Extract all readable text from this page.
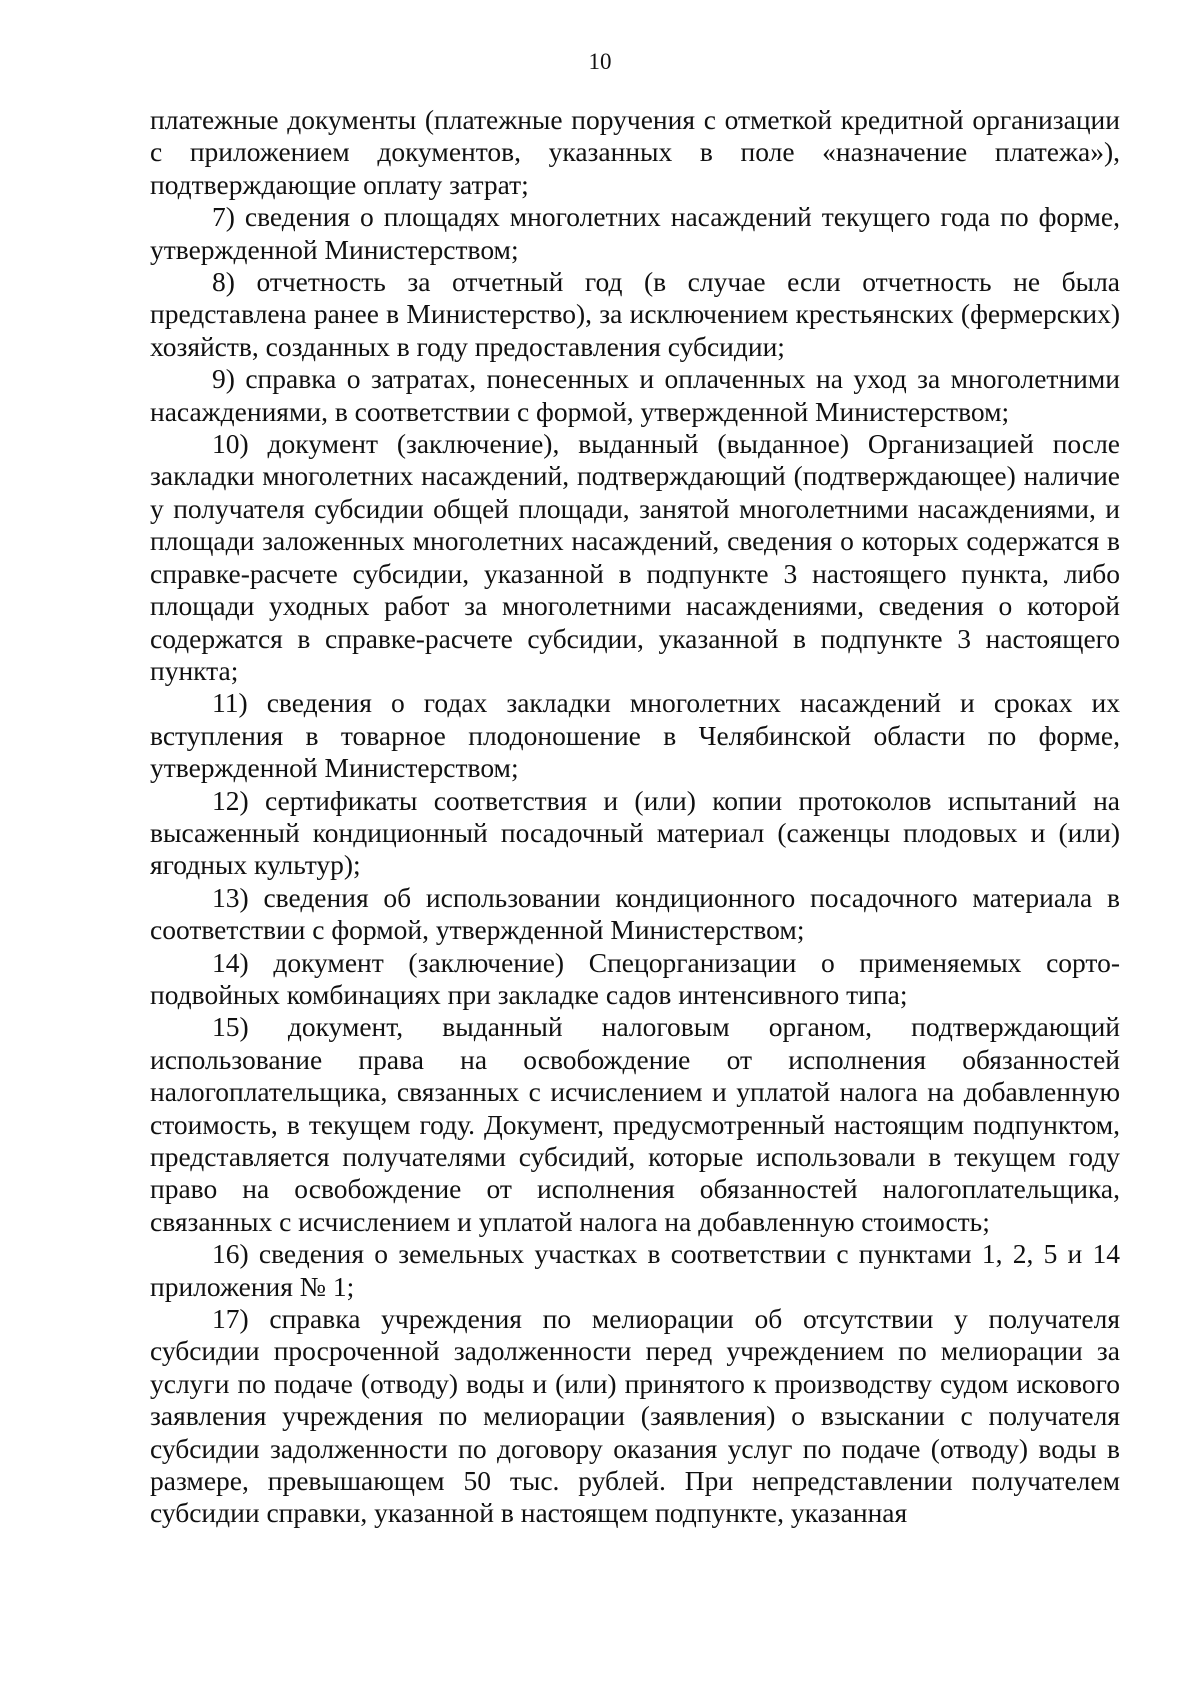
10

платежные документы (платежные поручения с отметкой кредитной организации с приложением документов, указанных в поле «назначение платежа»), подтверждающие оплату затрат;

7) сведения о площадях многолетних насаждений текущего года по форме, утвержденной Министерством;

8) отчетность за отчетный год (в случае если отчетность не была представлена ранее в Министерство), за исключением крестьянских (фермерских) хозяйств, созданных в году предоставления субсидии;

9) справка о затратах, понесенных и оплаченных на уход за многолетними насаждениями, в соответствии с формой, утвержденной Министерством;

10) документ (заключение), выданный (выданное) Организацией после закладки многолетних насаждений, подтверждающий (подтверждающее) наличие у получателя субсидии общей площади, занятой многолетними насаждениями, и площади заложенных многолетних насаждений, сведения о которых содержатся в справке-расчете субсидии, указанной в подпункте 3 настоящего пункта, либо площади уходных работ за многолетними насаждениями, сведения о которой содержатся в справке-расчете субсидии, указанной в подпункте 3 настоящего пункта;

11) сведения о годах закладки многолетних насаждений и сроках их вступления в товарное плодоношение в Челябинской области по форме, утвержденной Министерством;

12) сертификаты соответствия и (или) копии протоколов испытаний на высаженный кондиционный посадочный материал (саженцы плодовых и (или) ягодных культур);

13) сведения об использовании кондиционного посадочного материала в соответствии с формой, утвержденной Министерством;

14) документ (заключение) Спецорганизации о применяемых сорто-подвойных комбинациях при закладке садов интенсивного типа;

15) документ, выданный налоговым органом, подтверждающий использование права на освобождение от исполнения обязанностей налогоплательщика, связанных с исчислением и уплатой налога на добавленную стоимость, в текущем году. Документ, предусмотренный настоящим подпунктом, представляется получателями субсидий, которые использовали в текущем году право на освобождение от исполнения обязанностей налогоплательщика, связанных с исчислением и уплатой налога на добавленную стоимость;

16) сведения о земельных участках в соответствии с пунктами 1, 2, 5 и 14 приложения № 1;

17) справка учреждения по мелиорации об отсутствии у получателя субсидии просроченной задолженности перед учреждением по мелиорации за услуги по подаче (отводу) воды и (или) принятого к производству судом искового заявления учреждения по мелиорации (заявления) о взыскании с получателя субсидии задолженности по договору оказания услуг по подаче (отводу) воды в размере, превышающем 50 тыс. рублей. При непредставлении получателем субсидии справки, указанной в настоящем подпункте, указанная
